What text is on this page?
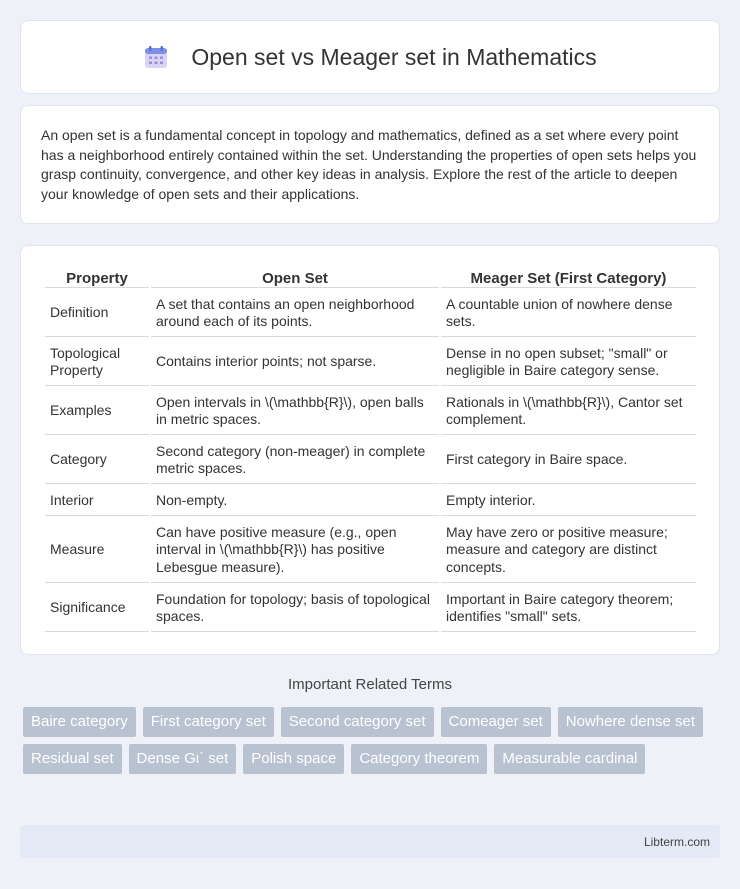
Open set vs Meager set in Mathematics

An open set is a fundamental concept in topology and mathematics, defined as a set where every point has a neighborhood entirely contained within the set. Understanding the properties of open sets helps you grasp continuity, convergence, and other key ideas in analysis. Explore the rest of the article to deepen your knowledge of open sets and their applications.

Property	Open Set	Meager Set (First Category)
Definition	A set that contains an open neighborhood around each of its points.	A countable union of nowhere dense sets.
Topological Property	Contains interior points; not sparse.	Dense in no open subset; "small" or negligible in Baire category sense.
Examples	Open intervals in \(\mathbb{R}\), open balls in metric spaces.	Rationals in \(\mathbb{R}\), Cantor set complement.
Category	Second category (non-meager) in complete metric spaces.	First category in Baire space.
Interior	Non-empty.	Empty interior.
Measure	Can have positive measure (e.g., open interval in \(\mathbb{R}\) has positive Lebesgue measure).	May have zero or positive measure; measure and category are distinct concepts.
Significance	Foundation for topology; basis of topological spaces.	Important in Baire category theorem; identifies "small" sets.
Important Related Terms
Baire category	First category set	Second category set	Comeager set	Nowhere dense set
Residual set	Dense Gι΄ set	Polish space	Category theorem	Measurable cardinal
Libterm.com
